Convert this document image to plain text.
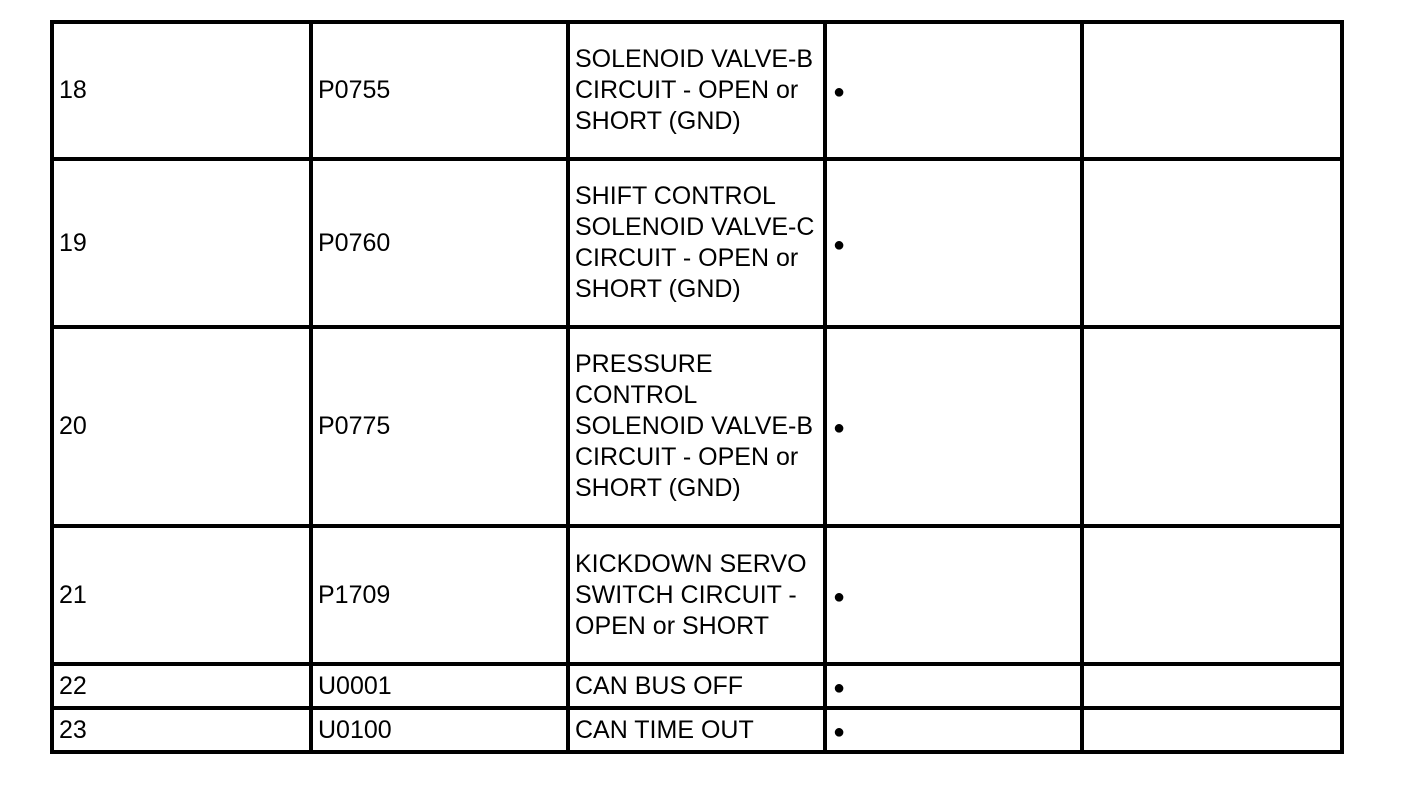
18	P0755	SOLENOID VALVE-B CIRCUIT - OPEN or SHORT (GND)	●	
19	P0760	SHIFT CONTROL SOLENOID VALVE-C CIRCUIT - OPEN or SHORT (GND)	●	
20	P0775	PRESSURE CONTROL SOLENOID VALVE-B CIRCUIT - OPEN or SHORT (GND)	●	
21	P1709	KICKDOWN SERVO SWITCH CIRCUIT - OPEN or SHORT	●	
22	U0001	CAN BUS OFF	●	
23	U0100	CAN TIME OUT	●	
